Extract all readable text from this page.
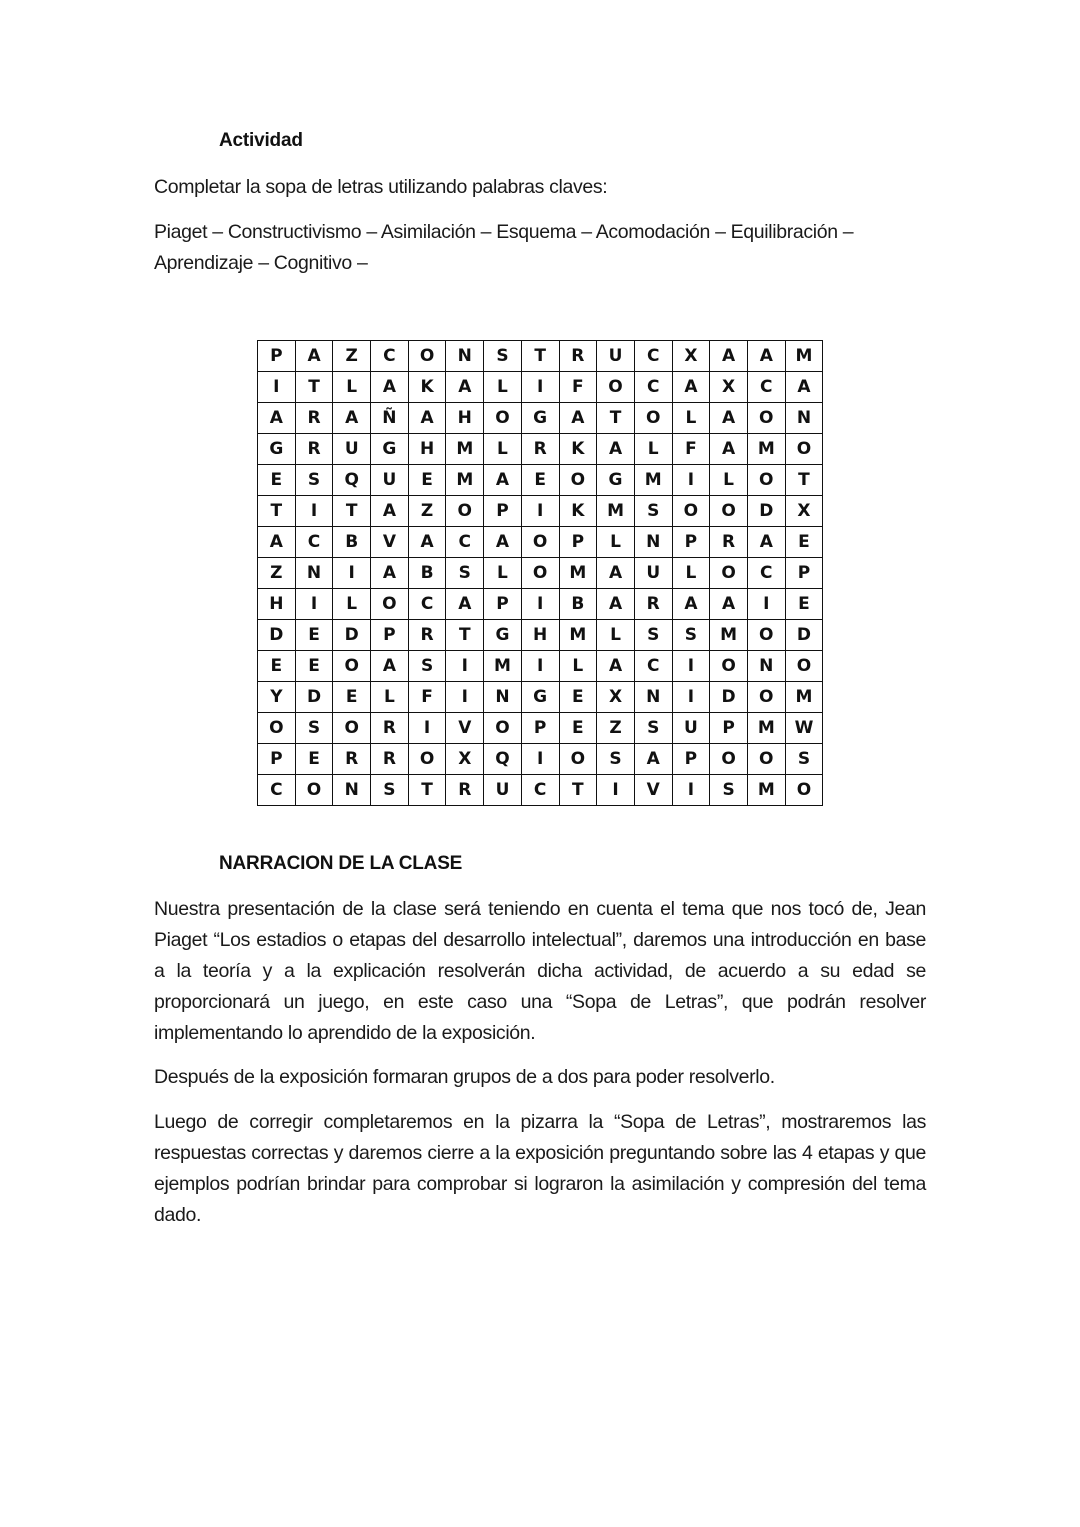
Actividad
Completar la sopa de letras utilizando palabras claves:
Piaget – Constructivismo – Asimilación – Esquema – Acomodación – Equilibración –
Aprendizaje – Cognitivo –
P	A	Z	C	O	N	S	T	R	U	C	X	A	A	M
I	T	L	A	K	A	L	I	F	O	C	A	X	C	A
A	R	A	Ñ	A	H	O	G	A	T	O	L	A	O	N
G	R	U	G	H	M	L	R	K	A	L	F	A	M	O
E	S	Q	U	E	M	A	E	O	G	M	I	L	O	T
T	I	T	A	Z	O	P	I	K	M	S	O	O	D	X
A	C	B	V	A	C	A	O	P	L	N	P	R	A	E
Z	N	I	A	B	S	L	O	M	A	U	L	O	C	P
H	I	L	O	C	A	P	I	B	A	R	A	A	I	E
D	E	D	P	R	T	G	H	M	L	S	S	M	O	D
E	E	O	A	S	I	M	I	L	A	C	I	O	N	O
Y	D	E	L	F	I	N	G	E	X	N	I	D	O	M
O	S	O	R	I	V	O	P	E	Z	S	U	P	M	W
P	E	R	R	O	X	Q	I	O	S	A	P	O	O	S
C	O	N	S	T	R	U	C	T	I	V	I	S	M	O
NARRACION DE LA CLASE
Nuestra presentación de la clase será teniendo en cuenta el tema que nos tocó de, Jean Piaget “Los estadios o etapas del desarrollo intelectual”, daremos una introducción en base a la teoría y a la explicación resolverán dicha actividad, de acuerdo a su edad se proporcionará un juego, en este caso una “Sopa de Letras”, que podrán resolver implementando lo aprendido de la exposición.
Después de la exposición formaran grupos de a dos para poder resolverlo.
Luego de corregir completaremos en la pizarra la “Sopa de Letras”, mostraremos las respuestas correctas y daremos cierre a la exposición preguntando sobre las 4 etapas y que ejemplos podrían brindar para comprobar si lograron la asimilación y compresión del tema dado.
